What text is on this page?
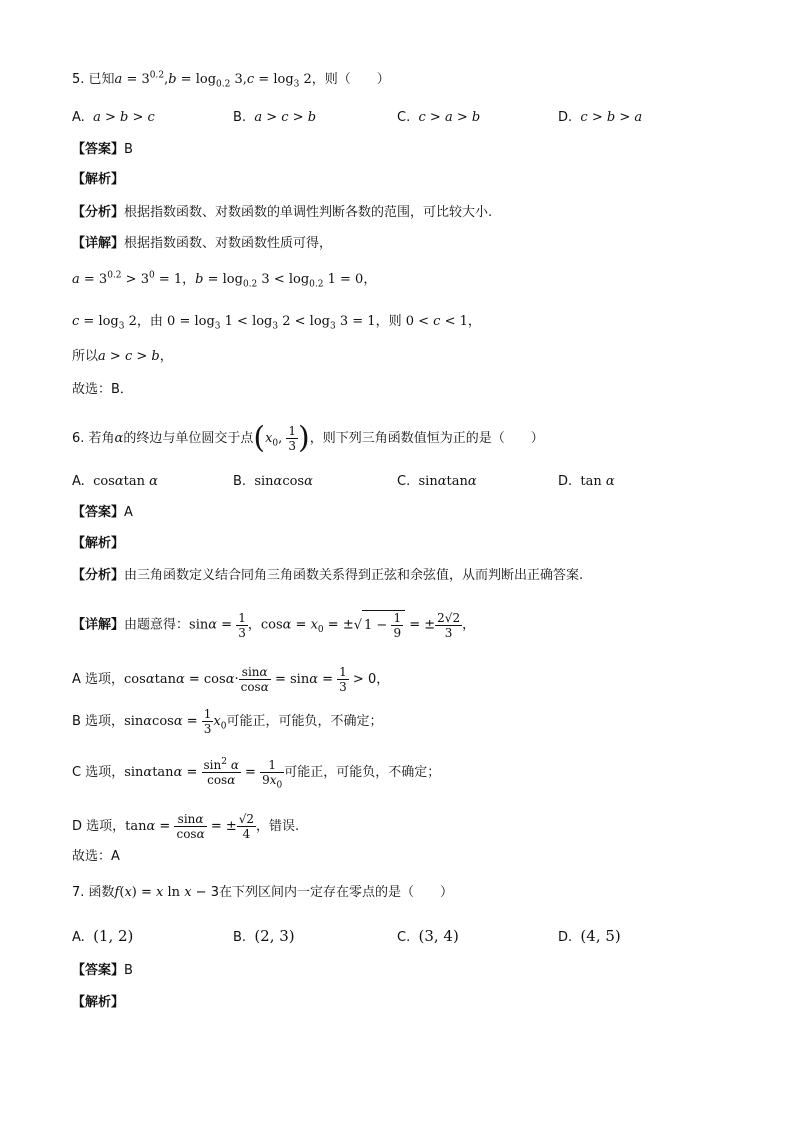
5. 已知$a = 3^{0.2},b = \log_{0.2} 3,c = \log_3 2$，则（　　）
A. a > b > c	B. a > c > b	C. c > a > b	D. c > b > a
【答案】B
【解析】
【分析】根据指数函数、对数函数的单调性判断各数的范围，可比较大小.
【详解】根据指数函数、对数函数性质可得，
$a = 3^{0.2} > 3^0 = 1$，$b = \log_{0.2} 3 < \log_{0.2} 1 = 0$，
$c = \log_3 2$，由 $0 = \log_3 1 < \log_3 2 < \log_3 3 = 1$，则 0 < c < 1，
所以a > c > b，
故选：B．
6. 若角α的终边与单位圆交于点($x_0$, $\frac{1}{3}$ )，则下列三角函数值恒为正的是（　　）
A. cosαtan α	B. sinαcosα	C. sinαtanα	D. tan α
【答案】A
【解析】
【分析】由三角函数定义结合同角三角函数关系得到正弦和余弦值，从而判断出正确答案.
【详解】由题意得：$\sin\alpha = \frac{1}{3}$ ，$\cos\alpha = x_0$ = ±√ $1 - \frac{1}{9}$ = ± $\frac{2√2}{3}$ ，
A 选项，$\cos\alpha\tan\alpha = \cos\alpha\cdot \frac{\sin\alpha}{\cos\alpha} = \sin\alpha = \frac{1}{3} > 0$，
B 选项，$\sin\alpha\cos\alpha = \frac{1}{3} x_0$可能正，可能负，不确定；
C 选项，$\sin\alpha\tan\alpha = \frac{\sin^2 \alpha}{\cos\alpha} = \frac{1}{9x_0}$ 可能正，可能负，不确定；
D 选项，$\tan\alpha = \frac{\sin\alpha}{\cos\alpha}$ = ± $\frac{√2}{4}$ ，错误.
故选：A
7. 函数f(x) = x ln x − 3在下列区间内一定存在零点的是（　　）
A. (1, 2)	B. (2, 3)	C. (3, 4)	D. (4, 5)
【答案】B
【解析】
